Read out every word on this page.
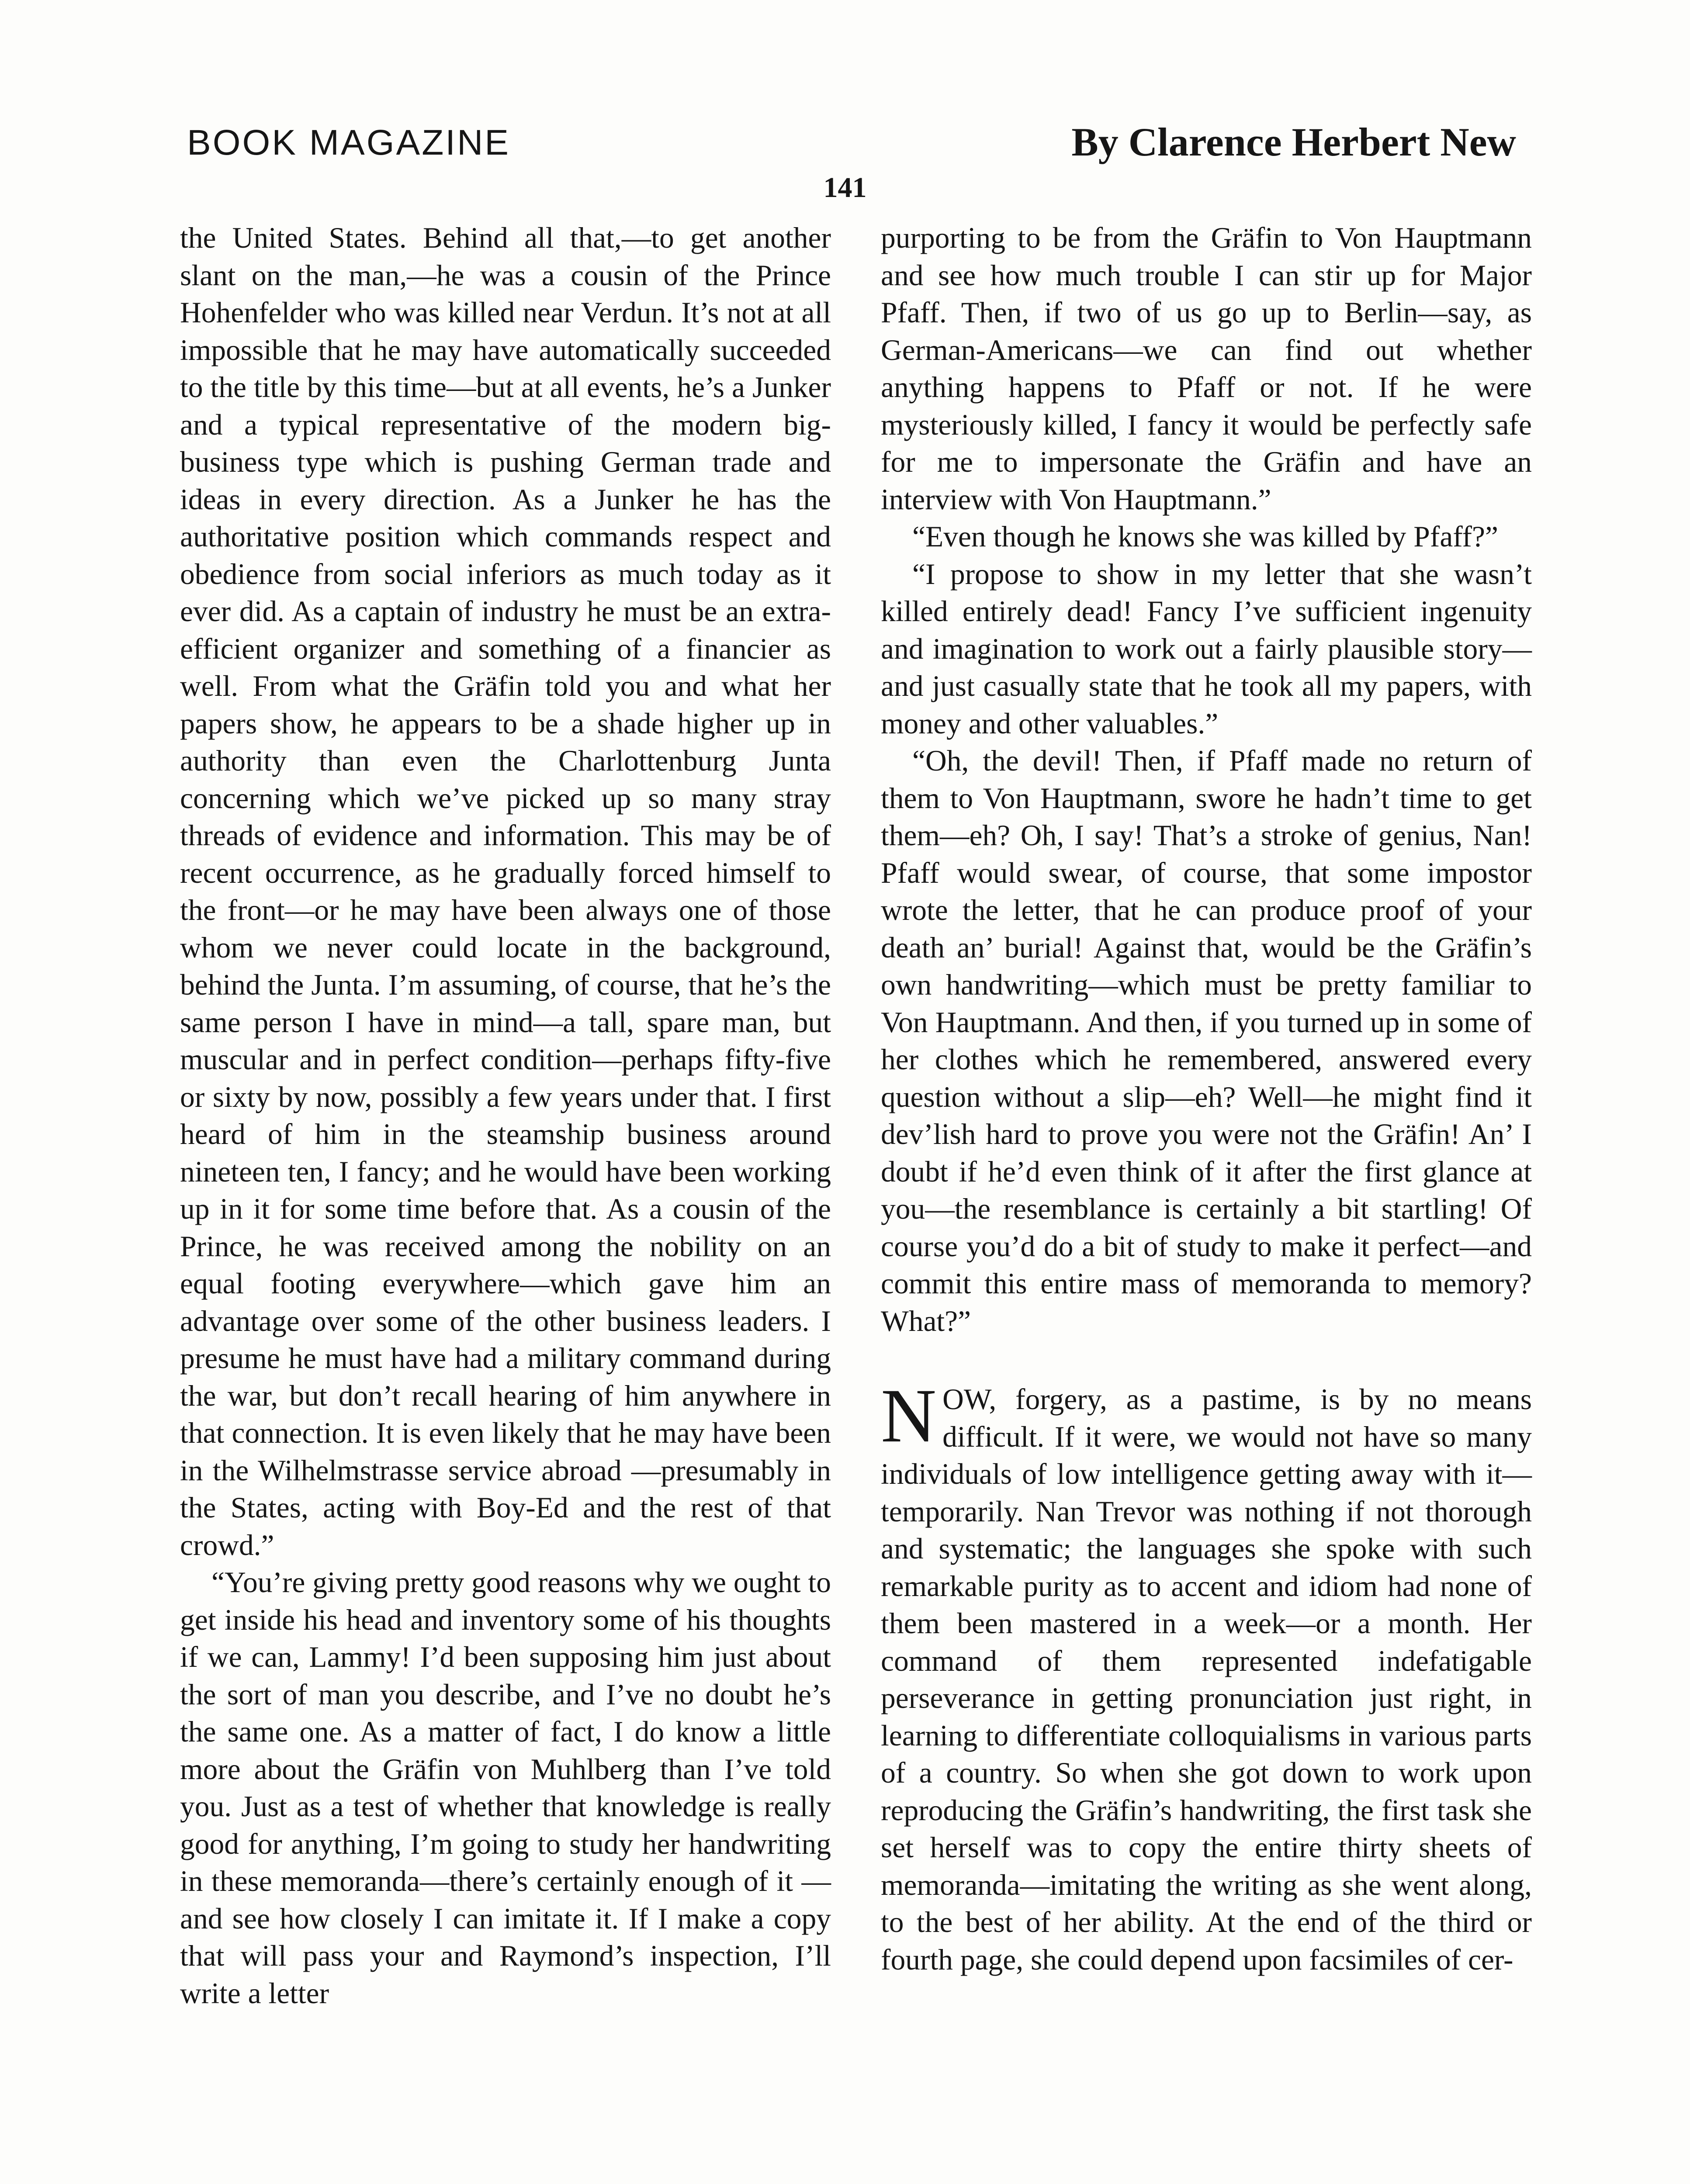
BOOK MAGAZINE	By Clarence Herbert New
141

the United States. Behind all that,—to get another slant on the man,—he was a cousin of the Prince Hohenfelder who was killed near Verdun. It’s not at all impossible that he may have automatically succeeded to the title by this time—but at all events, he’s a Junker and a typical representative of the modern big-business type which is pushing German trade and ideas in every direction. As a Junker he has the authoritative position which commands respect and obedience from social inferiors as much today as it ever did. As a captain of industry he must be an extra-efficient organizer and something of a financier as well. From what the Gräfin told you and what her papers show, he appears to be a shade higher up in authority than even the Charlottenburg Junta concerning which we’ve picked up so many stray threads of evidence and information. This may be of recent occurrence, as he gradually forced himself to the front—or he may have been always one of those whom we never could locate in the background, behind the Junta. I’m assuming, of course, that he’s the same person I have in mind—a tall, spare man, but muscular and in perfect condition—perhaps fifty-five or sixty by now, possibly a few years under that. I first heard of him in the steamship business around nineteen ten, I fancy; and he would have been working up in it for some time before that. As a cousin of the Prince, he was received among the nobility on an equal footing everywhere—which gave him an advantage over some of the other business leaders. I presume he must have had a military command during the war, but don’t recall hearing of him anywhere in that connection. It is even likely that he may have been in the Wilhelmstrasse service abroad —presumably in the States, acting with Boy-Ed and the rest of that crowd.”

“You’re giving pretty good reasons why we ought to get inside his head and inventory some of his thoughts if we can, Lammy! I’d been supposing him just about the sort of man you describe, and I’ve no doubt he’s the same one. As a matter of fact, I do know a little more about the Gräfin von Muhlberg than I’ve told you. Just as a test of whether that knowledge is really good for anything, I’m going to study her handwriting in these memoranda—there’s certainly enough of it —and see how closely I can imitate it. If I make a copy that will pass your and Raymond’s inspection, I’ll write a letter

purporting to be from the Gräfin to Von Hauptmann and see how much trouble I can stir up for Major Pfaff. Then, if two of us go up to Berlin—say, as German-Americans—we can find out whether anything happens to Pfaff or not. If he were mysteriously killed, I fancy it would be perfectly safe for me to impersonate the Gräfin and have an interview with Von Hauptmann.”

“Even though he knows she was killed by Pfaff?”

“I propose to show in my letter that she wasn’t killed entirely dead! Fancy I’ve sufficient ingenuity and imagination to work out a fairly plausible story—and just casually state that he took all my papers, with money and other valuables.”

“Oh, the devil! Then, if Pfaff made no return of them to Von Hauptmann, swore he hadn’t time to get them—eh? Oh, I say! That’s a stroke of genius, Nan! Pfaff would swear, of course, that some impostor wrote the letter, that he can produce proof of your death an’ burial! Against that, would be the Gräfin’s own handwriting—which must be pretty familiar to Von Hauptmann. And then, if you turned up in some of her clothes which he remembered, answered every question without a slip—eh? Well—he might find it dev’lish hard to prove you were not the Gräfin! An’ I doubt if he’d even think of it after the first glance at you—the resemblance is certainly a bit startling! Of course you’d do a bit of study to make it perfect—and commit this entire mass of memoranda to memory? What?”

NOW, forgery, as a pastime, is by no means difficult. If it were, we would not have so many individuals of low intelligence getting away with it—temporarily. Nan Trevor was nothing if not thorough and systematic; the languages she spoke with such remarkable purity as to accent and idiom had none of them been mastered in a week—or a month. Her command of them represented indefatigable perseverance in getting pronunciation just right, in learning to differentiate colloquialisms in various parts of a country. So when she got down to work upon reproducing the Gräfin’s handwriting, the first task she set herself was to copy the entire thirty sheets of memoranda—imitating the writing as she went along, to the best of her ability. At the end of the third or fourth page, she could depend upon facsimiles of cer-
